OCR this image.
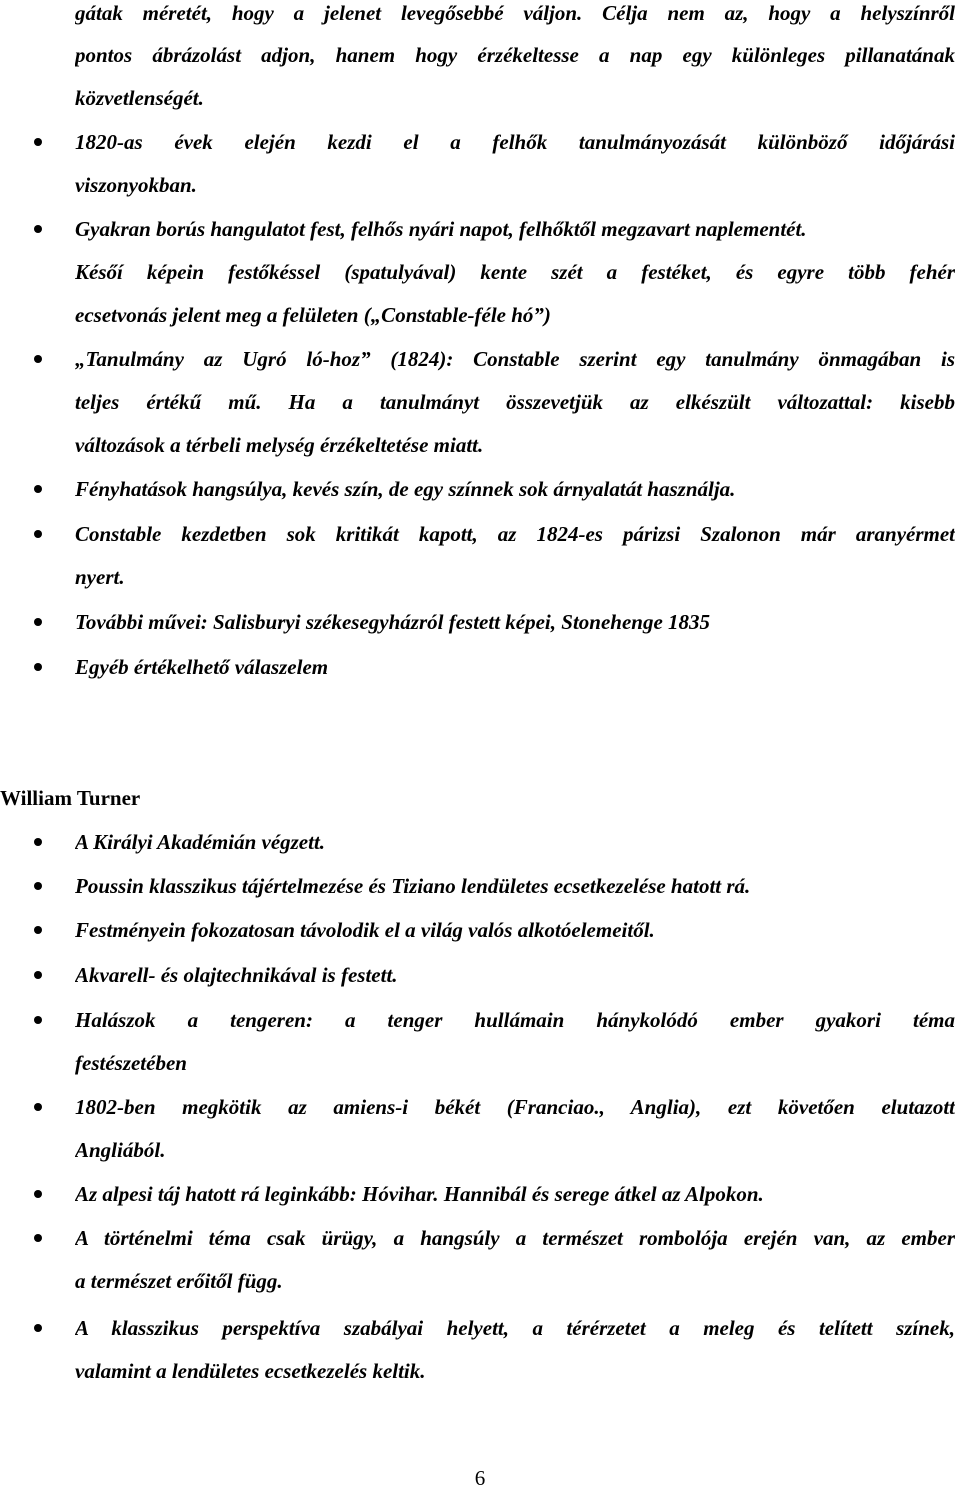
gátak méretét, hogy a jelenet levegősebbé váljon. Célja nem az, hogy a helyszínről
pontos ábrázolást adjon, hanem hogy érzékeltesse a nap egy különleges pillanatának
közvetlenségét.
1820-as évek elején kezdi el a felhők tanulmányozását különböző időjárási
viszonyokban.
Gyakran borús hangulatot fest, felhős nyári napot, felhőktől megzavart naplementét.
Későí képein festőkéssel (spatulyával) kente szét a festéket, és egyre több fehér
ecsetvonás jelent meg a felületen („Constable-féle hó”)
„Tanulmány az Ugró ló-hoz” (1824): Constable szerint egy tanulmány önmagában is
teljes értékű mű. Ha a tanulmányt összevetjük az elkészült változattal: kisebb
változások a térbeli melység érzékeltetése miatt.
Fényhatások hangsúlya, kevés szín, de egy színnek sok árnyalatát használja.
Constable kezdetben sok kritikát kapott, az 1824-es párizsi Szalonon már aranyérmet
nyert.
További művei: Salisburyi székesegyházról festett képei, Stonehenge 1835
Egyéb értékelhető válaszelem
William Turner
A Királyi Akadémián végzett.
Poussin klasszikus tájértelmezése és Tiziano lendületes ecsetkezelése hatott rá.
Festményein fokozatosan távolodik el a világ valós alkotóelemeitől.
Akvarell- és olajtechnikával is festett.
Halászok a tengeren: a tenger hullámain hánykolódó ember gyakori téma
festészetében
1802-ben megkötik az amiens-i békét (Franciao., Anglia), ezt követően elutazott
Angliából.
Az alpesi táj hatott rá leginkább: Hóvihar. Hannibál és serege átkel az Alpokon.
A történelmi téma csak ürügy, a hangsúly a természet rombolója erején van, az ember
a természet erőitől függ.
A klasszikus perspektíva szabályai helyett, a térérzetet a meleg és telített színek,
valamint a lendületes ecsetkezelés keltik.
6
